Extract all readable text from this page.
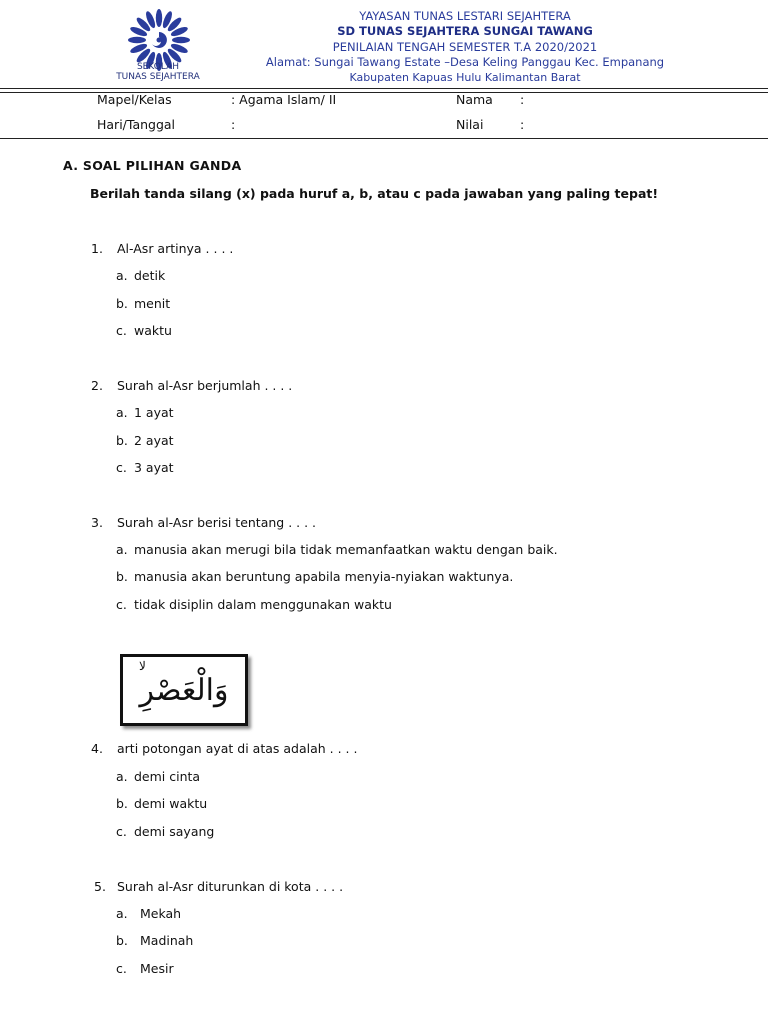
SEKOLAH
TUNAS SEJAHTERA
YAYASAN TUNAS LESTARI SEJAHTERA
SD TUNAS SEJAHTERA SUNGAI TAWANG
PENILAIAN TENGAH SEMESTER T.A 2020/2021
Alamat: Sungai Tawang Estate –Desa Keling Panggau Kec. Empanang
Kabupaten Kapuas Hulu Kalimantan Barat
Mapel/Kelas	: Agama Islam/ II	Nama :
Hari/Tanggal	:	Nilai	:
A. SOAL PILIHAN GANDA
Berilah tanda silang (x) pada huruf a, b, atau c pada jawaban yang paling tepat!
1. Al-Asr artinya . . . .
a. detik
b. menit
c. waktu
2. Surah al-Asr berjumlah . . . .
a. 1 ayat
b. 2 ayat
c. 3 ayat
3. Surah al-Asr berisi tentang . . . .
a. manusia akan merugi bila tidak memanfaatkan waktu dengan baik.
b. manusia akan beruntung apabila menyia-nyiakan waktunya.
c. tidak disiplin dalam menggunakan waktu
لا
وَالْعَصْرِ
4. arti potongan ayat di atas adalah . . . .
a. demi cinta
b. demi waktu
c. demi sayang
5. Surah al-Asr diturunkan di kota . . . .
a. Mekah
b. Madinah
c. Mesir
